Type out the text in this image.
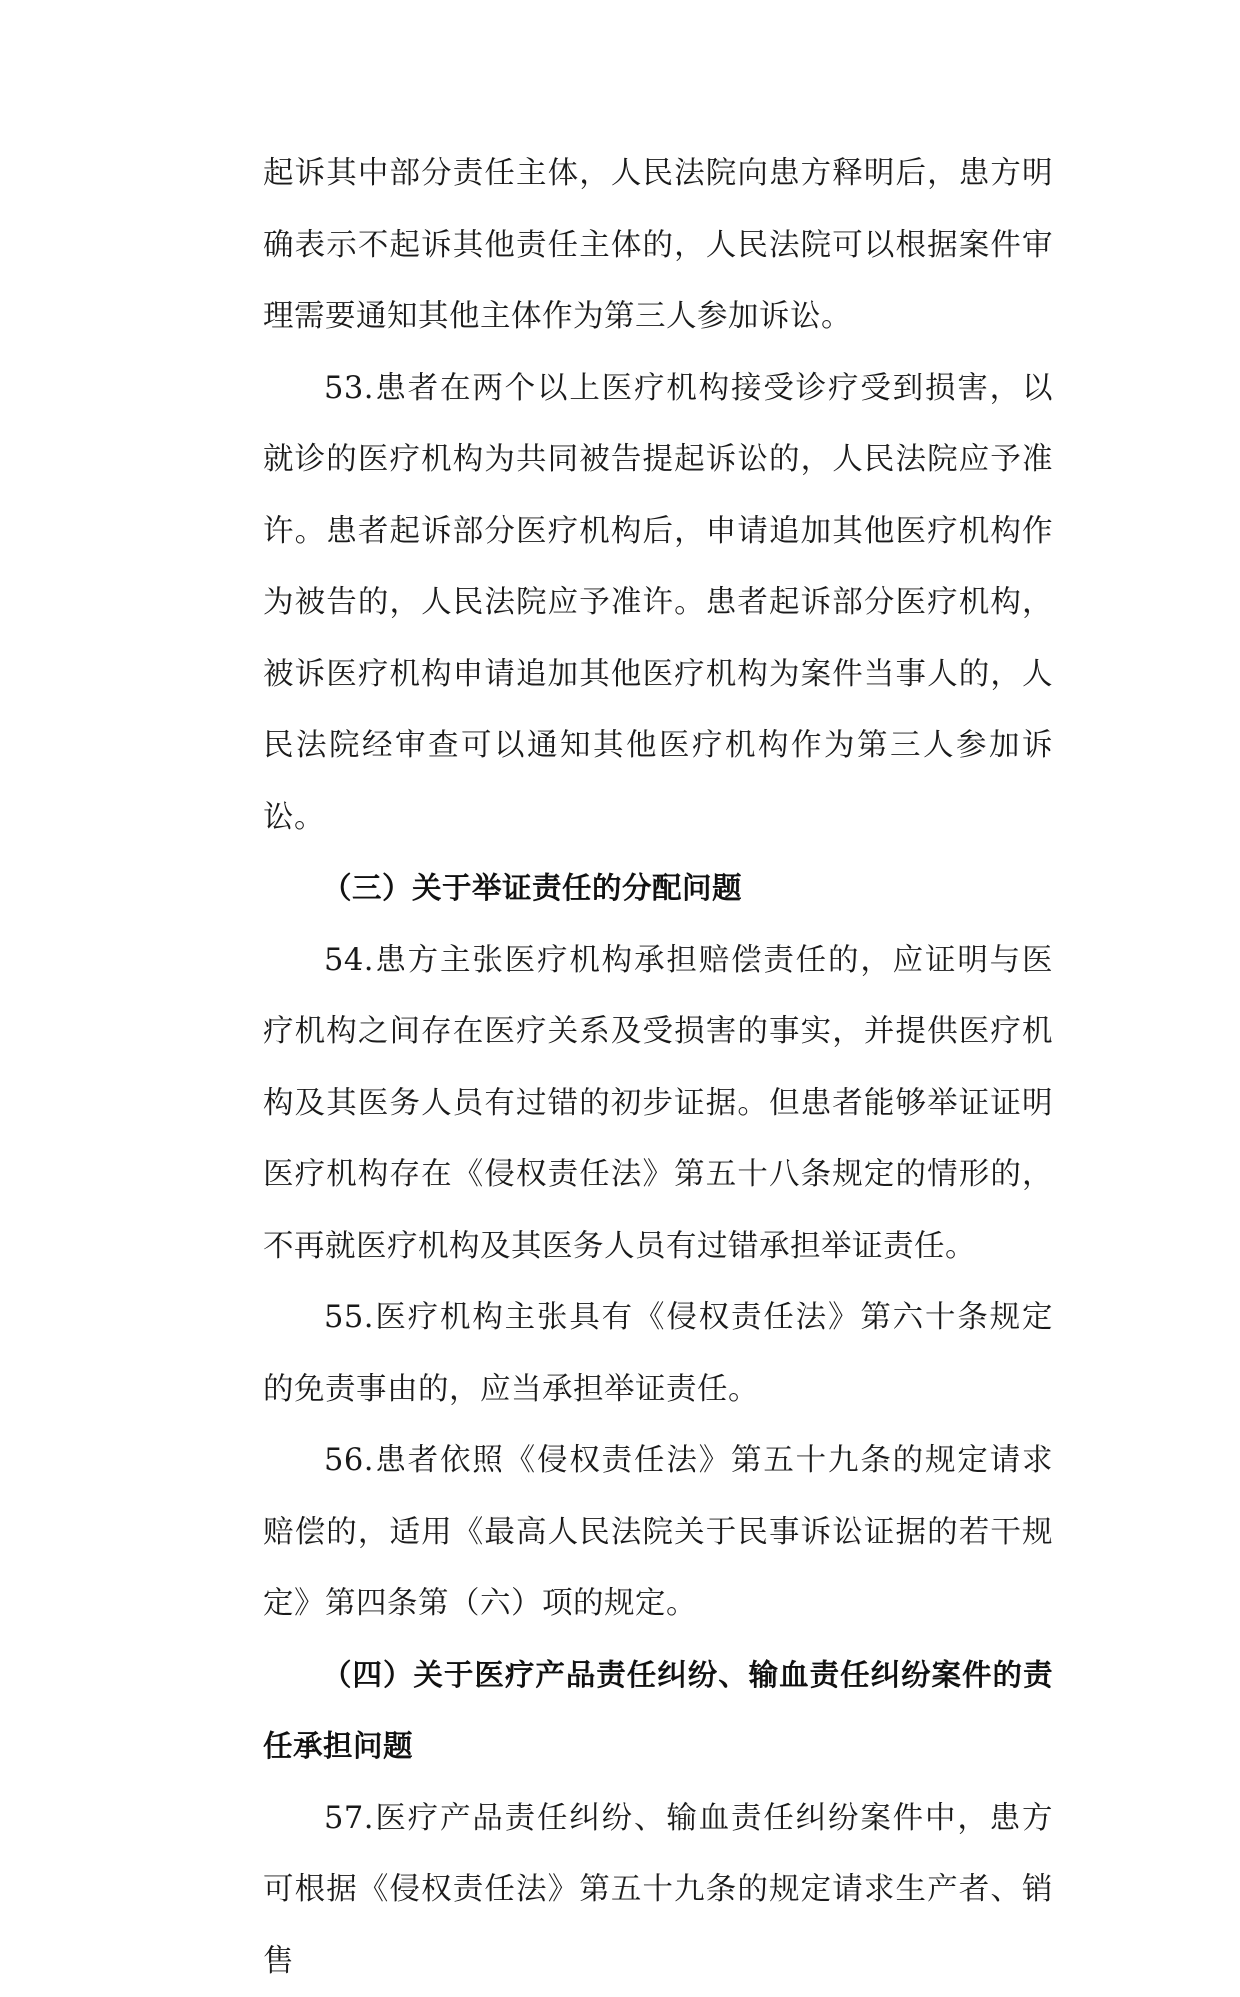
起诉其中部分责任主体，人民法院向患方释明后，患方明确表示不起诉其他责任主体的，人民法院可以根据案件审理需要通知其他主体作为第三人参加诉讼。

53.患者在两个以上医疗机构接受诊疗受到损害，以就诊的医疗机构为共同被告提起诉讼的，人民法院应予准许。患者起诉部分医疗机构后，申请追加其他医疗机构作为被告的，人民法院应予准许。患者起诉部分医疗机构，被诉医疗机构申请追加其他医疗机构为案件当事人的，人民法院经审查可以通知其他医疗机构作为第三人参加诉讼。

（三）关于举证责任的分配问题

54.患方主张医疗机构承担赔偿责任的，应证明与医疗机构之间存在医疗关系及受损害的事实，并提供医疗机构及其医务人员有过错的初步证据。但患者能够举证证明医疗机构存在《侵权责任法》第五十八条规定的情形的，不再就医疗机构及其医务人员有过错承担举证责任。

55.医疗机构主张具有《侵权责任法》第六十条规定的免责事由的，应当承担举证责任。

56.患者依照《侵权责任法》第五十九条的规定请求赔偿的，适用《最高人民法院关于民事诉讼证据的若干规定》第四条第（六）项的规定。

（四）关于医疗产品责任纠纷、输血责任纠纷案件的责任承担问题

57.医疗产品责任纠纷、输血责任纠纷案件中，患方可根据《侵权责任法》第五十九条的规定请求生产者、销售
